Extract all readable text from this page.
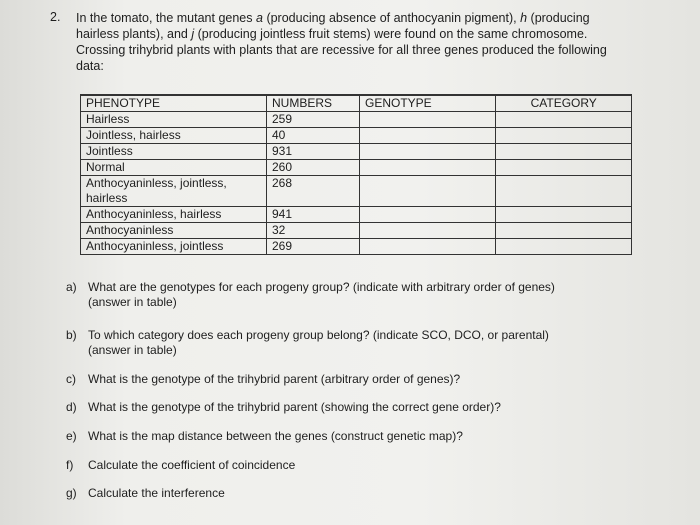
2. In the tomato, the mutant genes a (producing absence of anthocyanin pigment), h (producing hairless plants), and j (producing jointless fruit stems) were found on the same chromosome. Crossing trihybrid plants with plants that are recessive for all three genes produced the following data:
PHENOTYPE	NUMBERS	GENOTYPE	CATEGORY
Hairless	259		
Jointless, hairless	40		
Jointless	931		
Normal	260		
Anthocyaninless, jointless, hairless	268		
Anthocyaninless, hairless	941		
Anthocyaninless	32		
Anthocyaninless, jointless	269		
a) What are the genotypes for each progeny group? (indicate with arbitrary order of genes) (answer in table)
b) To which category does each progeny group belong? (indicate SCO, DCO, or parental) (answer in table)
c)	What is the genotype of the trihybrid parent (arbitrary order of genes)?
d) What is the genotype of the trihybrid parent (showing the correct gene order)?
e) What is the map distance between the genes (construct genetic map)?
f)	Calculate the coefficient of coincidence
g) Calculate the interference
